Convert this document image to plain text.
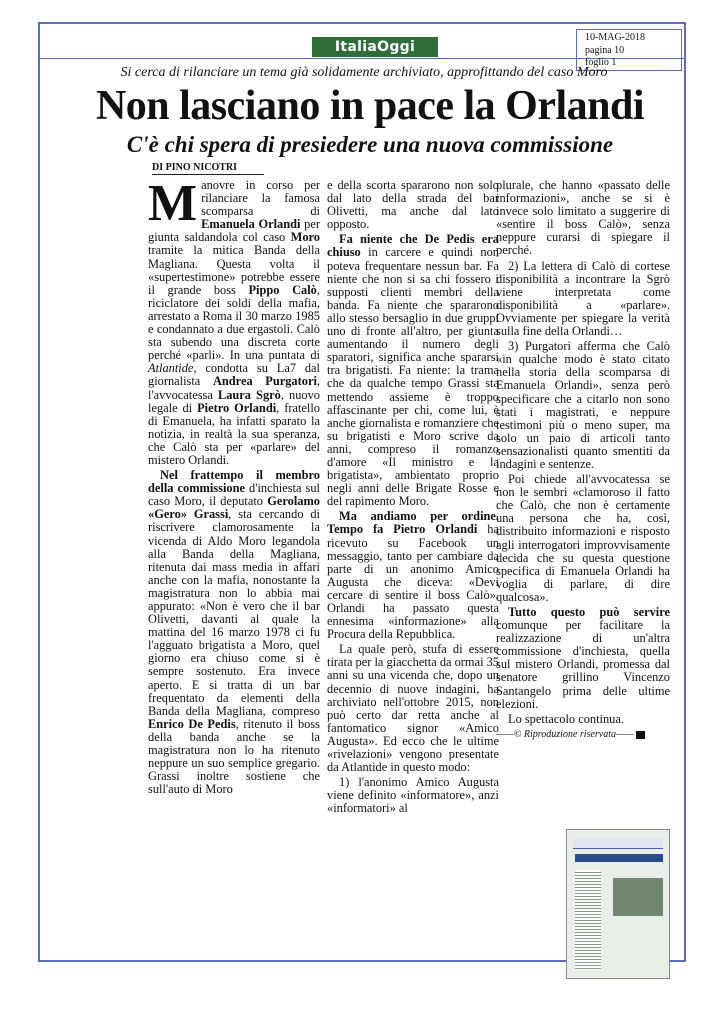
ItaliaOggi
10-MAG-2018
pagina 10
foglio 1
Si cerca di rilanciare un tema già solidamente archiviato, approfittando del caso Moro
Non lasciano in pace la Orlandi
C'è chi spera di presiedere una nuova commissione
DI PINO NICOTRI

Manovre in corso per rilanciare la famosa scomparsa di Emanuela Orlandi per giunta saldandola col caso Moro tramite la mitica Banda della Magliana. Questa volta il «supertestimone» potrebbe essere il grande boss Pippo Calò, riciclatore dei soldi della mafia, arrestato a Roma il 30 marzo 1985 e condannato a due ergastoli. Calò sta subendo una discreta corte perché «parli». In una puntata di Atlantide, condotta su La7 dal giornalista Andrea Purgatori, l'avvocatessa Laura Sgrò, nuovo legale di Pietro Orlandi, fratello di Emanuela, ha infatti sparato la notizia, in realtà la sua speranza, che Calò sta per «parlare» del mistero Orlandi.

Nel frattempo il membro della commissione d'inchiesta sul caso Moro, il deputato Gerolamo «Gero» Grassi, sta cercando di riscrivere clamorosamente la vicenda di Aldo Moro legandola alla Banda della Magliana, ritenuta dai mass media in affari anche con la mafia, nonostante la magistratura non lo abbia mai appurato: «Non è vero che il bar Olivetti, davanti al quale la mattina del 16 marzo 1978 ci fu l'agguato brigatista a Moro, quel giorno era chiuso come si è sempre sostenuto. Era invece aperto. E si tratta di un bar frequentato da elementi della Banda della Magliana, compreso Enrico De Pedis, ritenuto il boss della banda anche se la magistratura non lo ha ritenuto neppure un suo semplice gregario. Grassi inoltre sostiene che sull'auto di Moro

e della scorta spararono non solo dal lato della strada del bar Olivetti, ma anche dal lato opposto.

Fa niente che De Pedis era chiuso in carcere e quindi non poteva frequentare nessun bar. Fa niente che non si sa chi fossero i supposti clienti membri della banda. Fa niente che spararono allo stesso bersaglio in due gruppi uno di fronte all'altro, per giunta aumentando il numero degli sparatori, significa anche spararsi tra brigatisti. Fa niente: la trama che da qualche tempo Grassi sta mettendo assieme è troppo affascinante per chi, come lui, è anche giornalista e romanziere che su brigatisti e Moro scrive da anni, compreso il romanzo d'amore «Il ministro e la brigatista», ambientato proprio negli anni delle Brigate Rosse e del rapimento Moro.

Ma andiamo per ordine. Tempo fa Pietro Orlandi ha ricevuto su Facebook un messaggio, tanto per cambiare da parte di un anonimo Amico Augusta che diceva: «Devi cercare di sentire il boss Calò». Orlandi ha passato questa ennesima «informazione» alla Procura della Repubblica.

La quale però, stufa di essere tirata per la giacchetta da ormai 35 anni su una vicenda che, dopo un decennio di nuove indagini, ha archiviato nell'ottobre 2015, non può certo dar retta anche al fantomatico signor «Amico Augusta». Ed ecco che le ultime «rivelazioni» vengono presentate da Atlantide in questo modo:

1) l'anonimo Amico Augusta viene definito «informatore», anzi «informatori» al

plurale, che hanno «passato delle informazioni», anche se si è invece solo limitato a suggerire di «sentire il boss Calò», senza neppure curarsi di spiegare il perché.

2) La lettera di Calò di cortese disponibilità a incontrare la Sgrò viene interpretata come disponibilità a «parlare». Ovviamente per spiegare la verità sulla fine della Orlandi…

3) Purgatori afferma che Calò «in qualche modo è stato citato nella storia della scomparsa di Emanuela Orlandi», senza però specificare che a citarlo non sono stati i magistrati, e neppure testimoni più o meno super, ma solo un paio di articoli tanto sensazionalisti quanto smentiti da indagini e sentenze.

Poi chiede all'avvocatessa se non le sembri «clamoroso il fatto che Calò, che non è certamente una persona che ha, così, distribuito informazioni e risposto agli interrogatori improvvisamente decida che su questa questione specifica di Emanuela Orlandi ha voglia di parlare, di dire qualcosa».

Tutto questo può servire comunque per facilitare la realizzazione di un'altra commissione d'inchiesta, quella sul mistero Orlandi, promessa dal senatore grillino Vincenzo Santangelo prima delle ultime elezioni.

Lo spettacolo continua.

——© Riproduzione riservata——
